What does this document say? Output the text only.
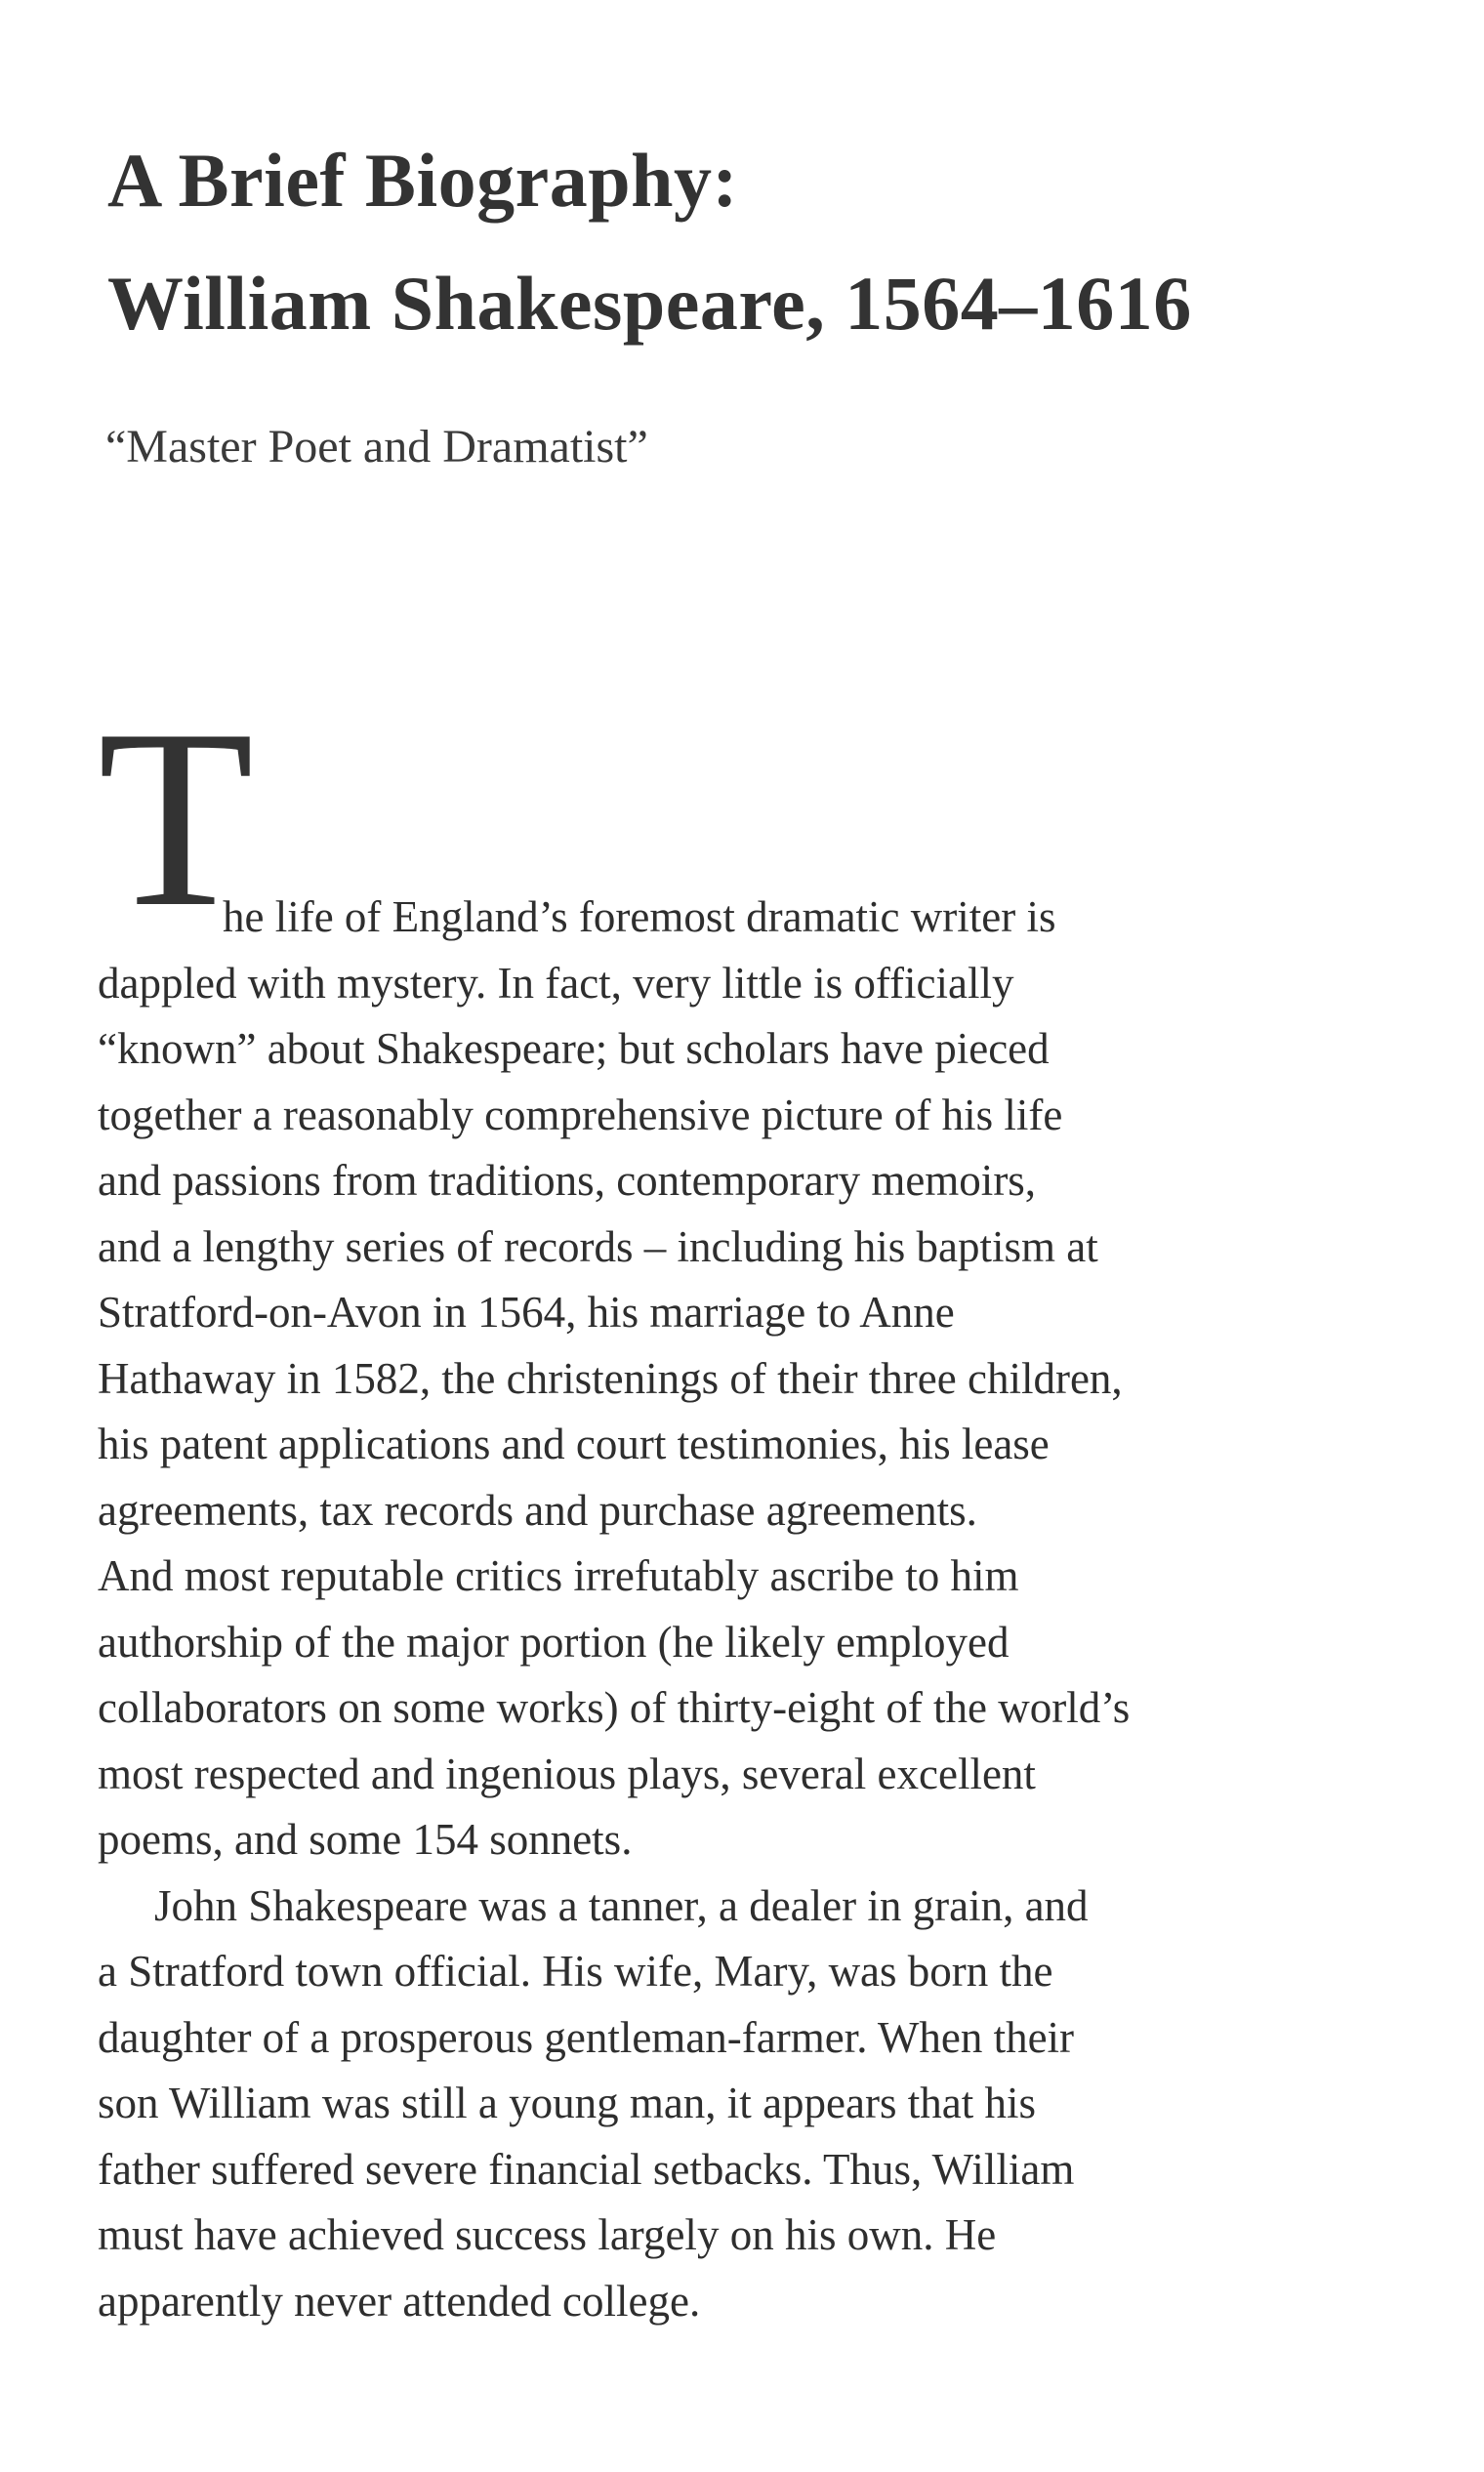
A Brief Biography:
William Shakespeare, 1564–1616

“Master Poet and Dramatist”

T
he life of England’s foremost dramatic writer is
dappled with mystery. In fact, very little is officially
“known” about Shakespeare; but scholars have pieced
together a reasonably comprehensive picture of his life
and passions from traditions, contemporary memoirs,
and a lengthy series of records – including his baptism at
Stratford-on-Avon in 1564, his marriage to Anne
Hathaway in 1582, the christenings of their three children,
his patent applications and court testimonies, his lease
agreements, tax records and purchase agreements.
And most reputable critics irrefutably ascribe to him
authorship of the major portion (he likely employed
collaborators on some works) of thirty-eight of the world’s
most respected and ingenious plays, several excellent
poems, and some 154 sonnets.
John Shakespeare was a tanner, a dealer in grain, and
a Stratford town official. His wife, Mary, was born the
daughter of a prosperous gentleman-farmer. When their
son William was still a young man, it appears that his
father suffered severe financial setbacks. Thus, William
must have achieved success largely on his own. He
apparently never attended college.
